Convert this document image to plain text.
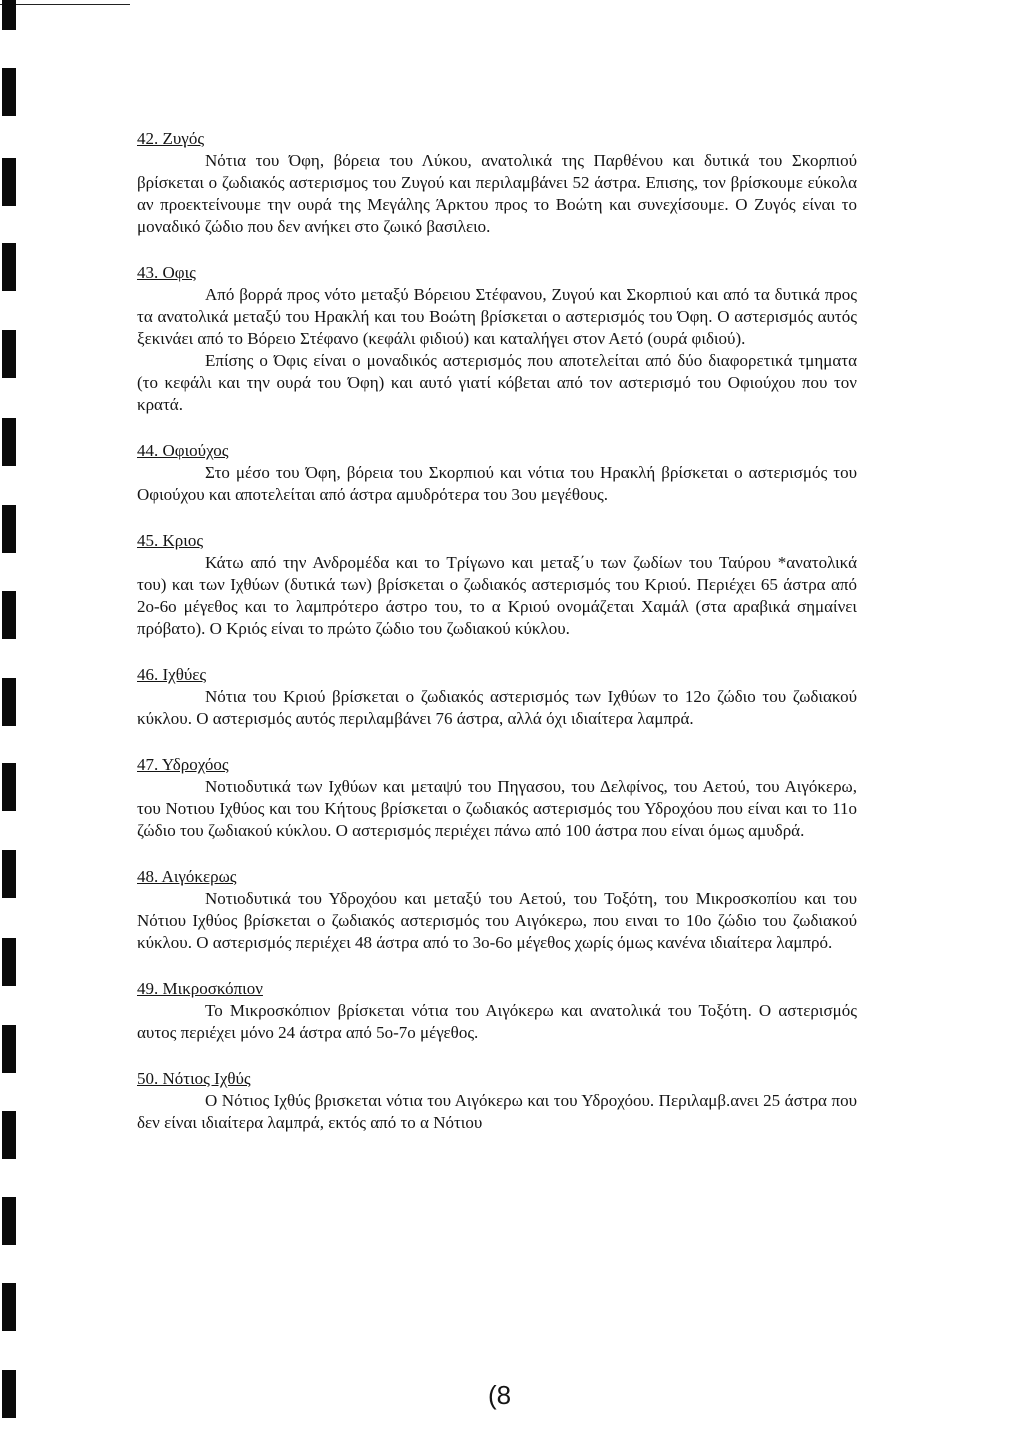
42. Ζυγός

Νότια του Όφη, βόρεια του Λύκου, ανατολικά της Παρθένου και δυτικά του Σκορπιού βρίσκεται ο ζωδιακός αστερισμος του Ζυγού και περιλαμβάνει 52 άστρα. Επισης, τον βρίσκουμε εύκολα αν προεκτείνουμε την ουρά της Μεγάλης Άρκτου προς το Βοώτη και συνεχίσουμε. Ο Ζυγός είναι το μοναδικό ζώδιο που δεν ανήκει στο ζωικό βασιλειο.

43. Οφις

Από βορρά προς νότο μεταξύ Βόρειου Στέφανου, Ζυγού και Σκορπιού και από τα δυτικά προς τα ανατολικά μεταξύ του Ηρακλή και του Βοώτη βρίσκεται ο αστερισμός του Όφη. Ο αστερισμός αυτός ξεκινάει από το Βόρειο Στέφανο (κεφάλι φιδιού) και καταλήγει στον Αετό (ουρά φιδιού).

Επίσης ο Όφις είναι ο μοναδικός αστερισμός που αποτελείται από δύο διαφορετικά τμηματα (το κεφάλι και την ουρά του Όφη) και αυτό γιατί κόβεται από τον αστερισμό του Οφιούχου που τον κρατά.

44. Οφιούχος

Στο μέσο του Όφη, βόρεια του Σκορπιού και νότια του Ηρακλή βρίσκεται ο αστερισμός του Οφιούχου και αποτελείται από άστρα αμυδρότερα του 3ου μεγέθους.

45. Κριος

Κάτω από την Ανδρομέδα και το Τρίγωνο και μεταξ΄υ των ζωδίων του Ταύρου *ανατολικά του) και των Ιχθύων (δυτικά των) βρίσκεται ο ζωδιακός αστερισμός του Κριού. Περιέχει 65 άστρα από 2ο-6ο μέγεθος και το λαμπρότερο άστρο του, το α Κριού ονομάζεται Χαμάλ (στα αραβικά σημαίνει πρόβατο). Ο Κριός είναι το πρώτο ζώδιο του ζωδιακού κύκλου.

46. Ιχθύες

Νότια του Κριού βρίσκεται ο ζωδιακός αστερισμός των Ιχθύων το 12ο ζώδιο του ζωδιακού κύκλου. Ο αστερισμός αυτός περιλαμβάνει 76 άστρα, αλλά όχι ιδιαίτερα λαμπρά.

47. Υδροχόος

Νοτιοδυτικά των Ιχθύων και μεταψύ του Πηγασου, του Δελφίνος, του Αετού, του Αιγόκερω, του Νοτιου Ιχθύος και του Κήτους βρίσκεται ο ζωδιακός αστερισμός του Υδροχόου που είναι και το 11ο ζώδιο του ζωδιακού κύκλου. Ο αστερισμός περιέχει πάνω από 100 άστρα που είναι όμως αμυδρά.

48. Αιγόκερως

Νοτιοδυτικά του Υδροχόου και μεταξύ του Αετού, του Τοξότη, του Μικροσκοπίου και του Νότιου Ιχθύος βρίσκεται ο ζωδιακός αστερισμός του Αιγόκερω, που ειναι το 10ο ζώδιο του ζωδιακού κύκλου. Ο αστερισμός περιέχει 48 άστρα από το 3ο-6ο μέγεθος χωρίς όμως κανένα ιδιαίτερα λαμπρό.

49. Μικροσκόπιον

Το Μικροσκόπιον βρίσκεται νότια του Αιγόκερω και ανατολικά του Τοξότη. Ο αστερισμός αυτος περιέχει μόνο 24 άστρα από 5ο-7ο μέγεθος.

50. Νότιος Ιχθύς

Ο Νότιος Ιχθύς βρισκεται νότια του Αιγόκερω και του Υδροχόου. Περιλαμβ.ανει 25 άστρα που δεν είναι ιδιαίτερα λαμπρά, εκτός από το α Νότιου

(8
